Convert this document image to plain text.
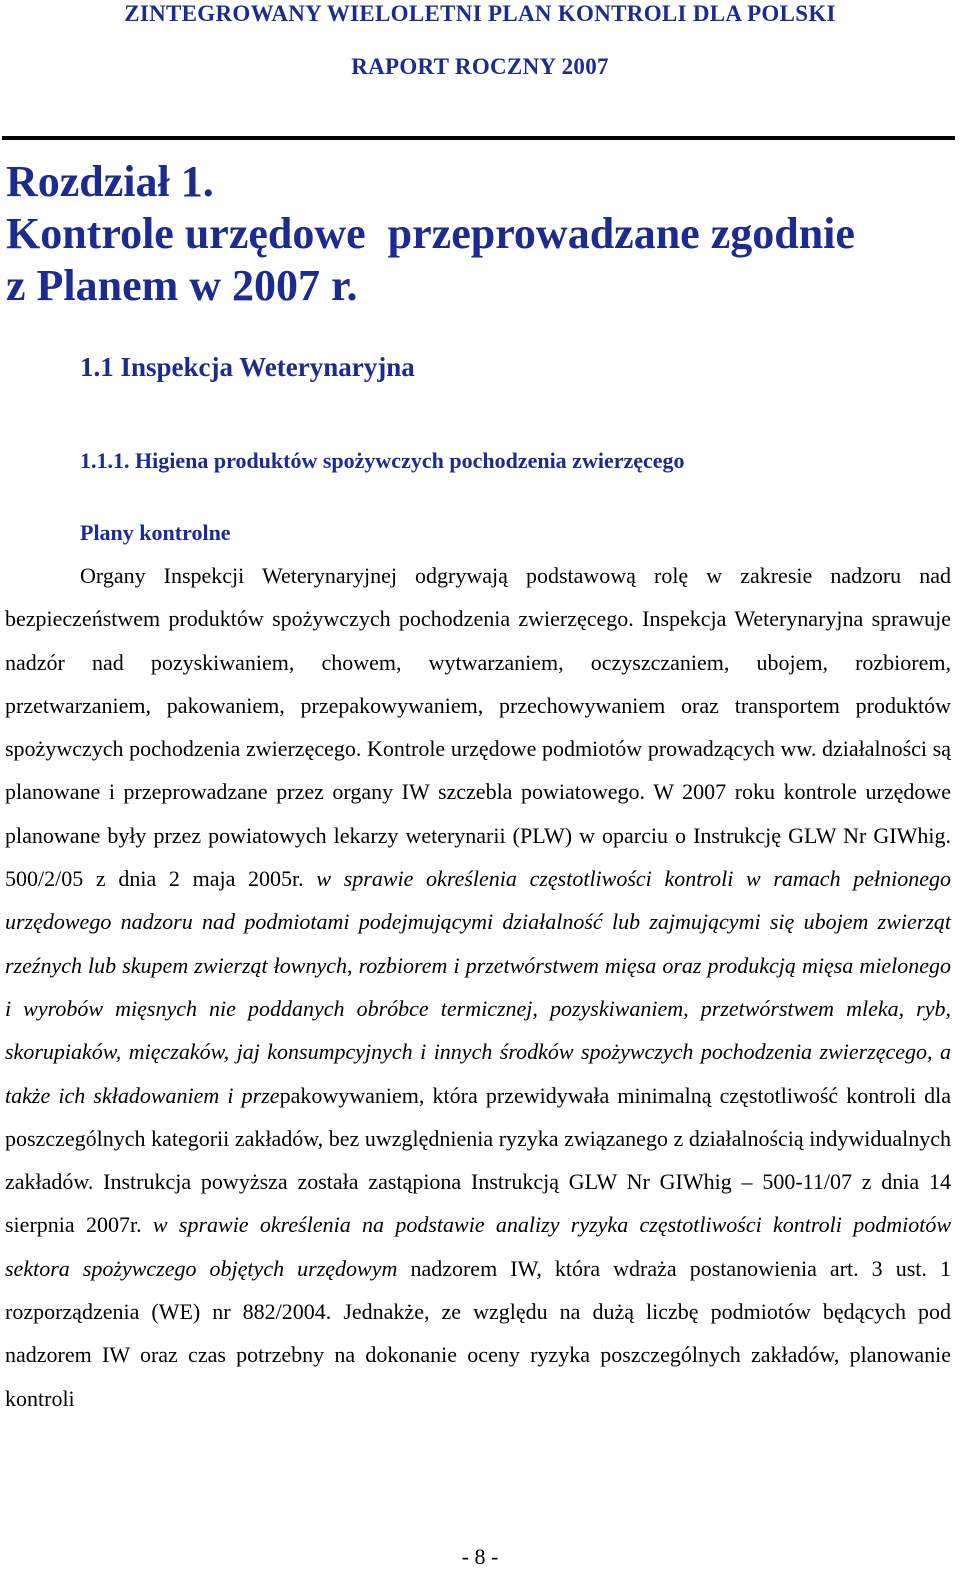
ZINTEGROWANY WIELOLETNI PLAN KONTROLI DLA POLSKI
RAPORT ROCZNY 2007
Rozdział 1.
Kontrole urzędowe  przeprowadzane zgodnie
z Planem w 2007 r.
1.1 Inspekcja Weterynaryjna
1.1.1. Higiena produktów spożywczych pochodzenia zwierzęcego
Plany kontrolne

Organy Inspekcji Weterynaryjnej odgrywają podstawową rolę w zakresie nadzoru nad bezpieczeństwem produktów spożywczych pochodzenia zwierzęcego. Inspekcja Weterynaryjna sprawuje nadzór nad pozyskiwaniem, chowem, wytwarzaniem, oczyszczaniem, ubojem, rozbiorem, przetwarzaniem, pakowaniem, przepakowywaniem, przechowywaniem oraz transportem produktów spożywczych pochodzenia zwierzęcego. Kontrole urzędowe podmiotów prowadzących ww. działalności są planowane i przeprowadzane przez organy IW szczebla powiatowego. W 2007 roku kontrole urzędowe planowane były przez powiatowych lekarzy weterynarii (PLW) w oparciu o Instrukcję GLW Nr GIWhig. 500/2/05 z dnia 2 maja 2005r. w sprawie określenia częstotliwości kontroli w ramach pełnionego urzędowego nadzoru nad podmiotami podejmującymi działalność lub zajmującymi się ubojem zwierząt rzeźnych lub skupem zwierząt łownych, rozbiorem i przetwórstwem mięsa oraz produkcją mięsa mielonego i wyrobów mięsnych nie poddanych obróbce termicznej, pozyskiwaniem, przetwórstwem mleka, ryb, skorupiaków, mięczaków, jaj konsumpcyjnych i innych środków spożywczych pochodzenia zwierzęcego, a także ich składowaniem i przepakowywaniem, która przewidywała minimalną częstotliwość kontroli dla poszczególnych kategorii zakładów, bez uwzględnienia ryzyka związanego z działalnością indywidualnych zakładów. Instrukcja powyższa została zastąpiona Instrukcją GLW Nr GIWhig – 500-11/07 z dnia 14 sierpnia 2007r. w sprawie określenia na podstawie analizy ryzyka częstotliwości kontroli podmiotów sektora spożywczego objętych urzędowym nadzorem IW, która wdraża postanowienia art. 3 ust. 1 rozporządzenia (WE) nr 882/2004. Jednakże, ze względu na dużą liczbę podmiotów będących pod nadzorem IW oraz czas potrzebny na dokonanie oceny ryzyka poszczególnych zakładów, planowanie kontroli

- 8 -
